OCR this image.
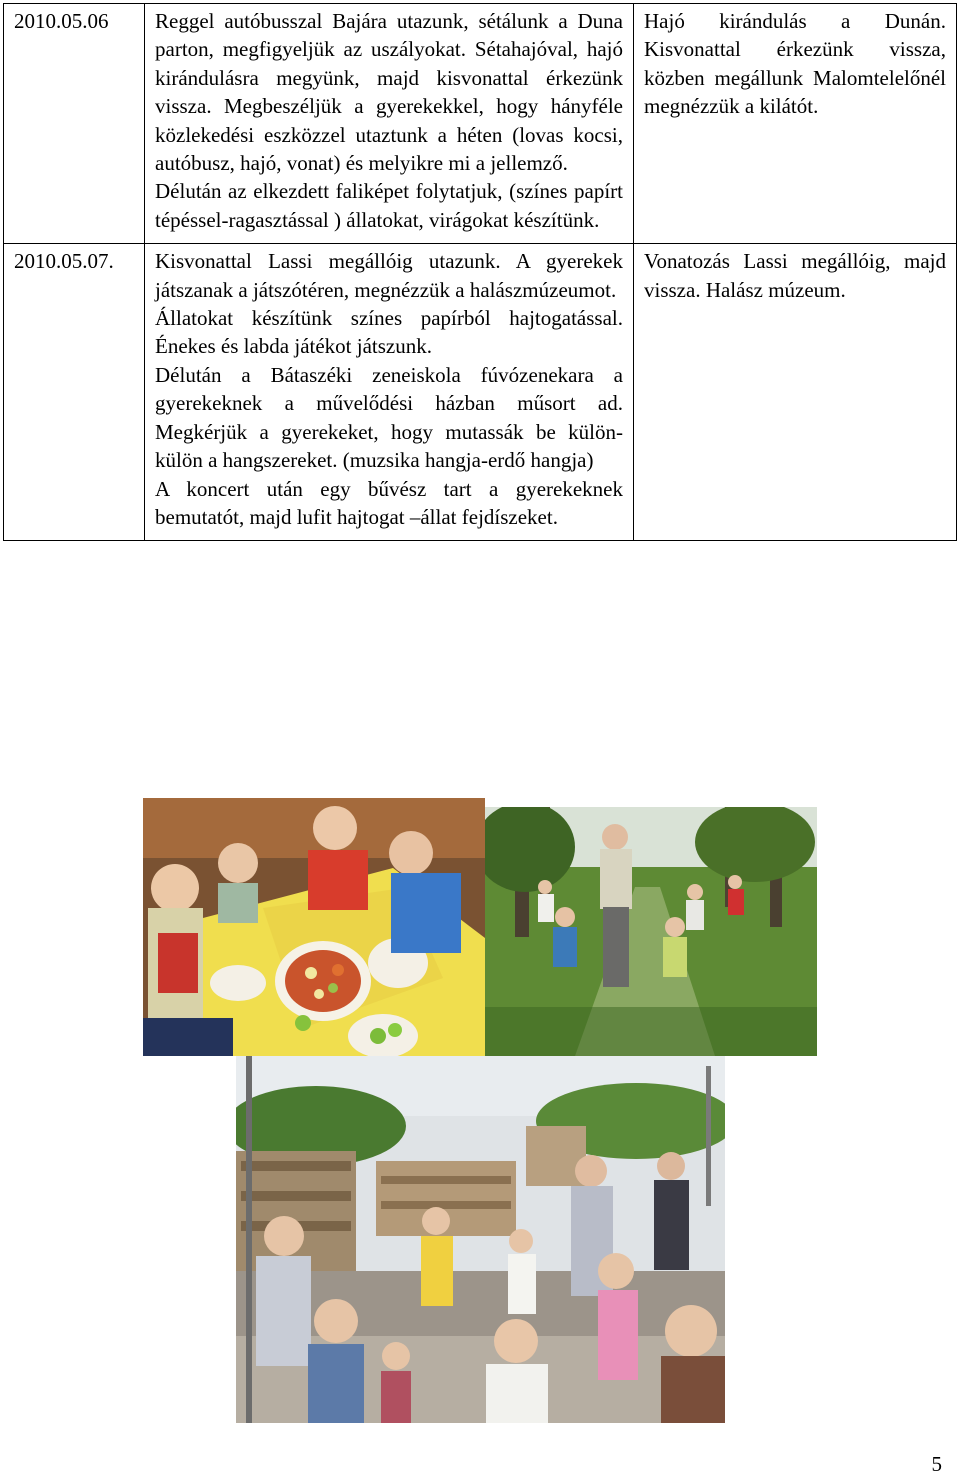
2010.05.06	Reggel autóbusszal Bajára utazunk, sétálunk a Duna parton, megfigyeljük az uszályokat. Sétahajóval, hajó kirándulásra megyünk, majd kisvonattal érkezünk vissza. Megbeszéljük a gyerekekkel, hogy hányféle közlekedési eszközzel utaztunk a héten (lovas kocsi, autóbusz, hajó, vonat) és melyikre mi a jellemző.
Délután az elkezdett faliképet folytatjuk, (színes papírt tépéssel-ragasztással ) állatokat, virágokat készítünk.	Hajó kirándulás a Dunán. Kisvonattal érkezünk vissza, közben megállunk Malomtelelőnél megnézzük a kilátót.
2010.05.07.	Kisvonattal Lassi megállóig utazunk. A gyerekek játszanak a játszótéren, megnézzük a halászmúzeumot.
Állatokat készítünk színes papírból hajtogatással. Énekes és labda játékot játszunk.
Délután a Bátaszéki zeneiskola fúvózenekara a gyerekeknek a művelődési házban műsort ad. Megkérjük a gyerekeket, hogy mutassák be külön-külön a hangszereket. (muzsika hangja-erdő hangja)
A koncert után egy bűvész tart a gyerekeknek bemutatót, majd lufit hajtogat –állat fejdíszeket.	Vonatozás Lassi megállóig, majd vissza. Halász múzeum.
5
